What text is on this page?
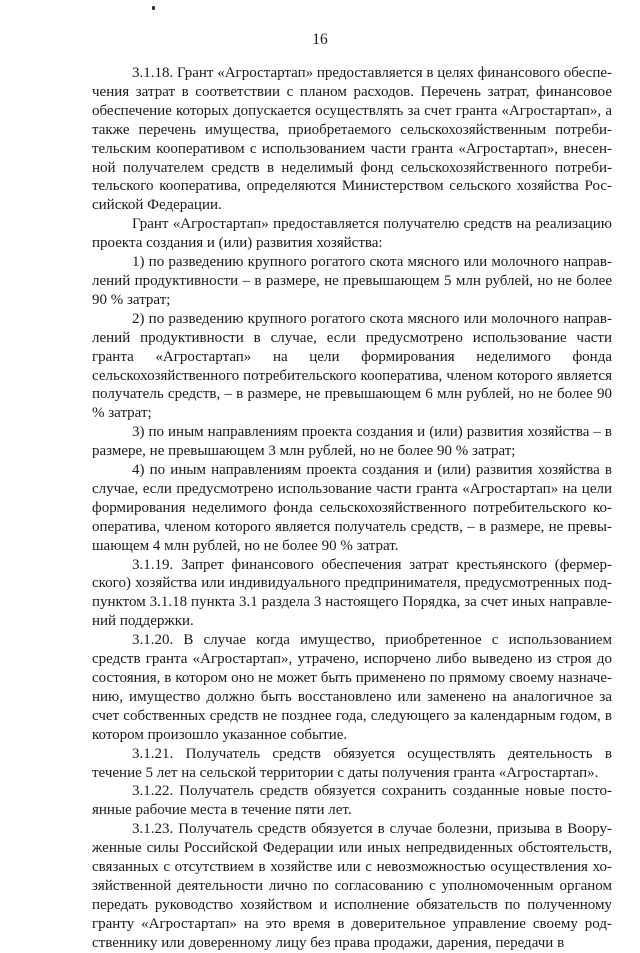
16

3.1.18. Грант «Агростартап» предоставляется в целях финансового обеспечения затрат в соответствии с планом расходов. Перечень затрат, финансовое обеспечение которых допускается осуществлять за счет гранта «Агростартап», а также перечень имущества, приобретаемого сельскохозяйственным потребительским кооперативом с использованием части гранта «Агростартап», внесенной получателем средств в неделимый фонд сельскохозяйственного потребительского кооператива, определяются Министерством сельского хозяйства Российской Федерации.

Грант «Агростартап» предоставляется получателю средств на реализацию проекта создания и (или) развития хозяйства:

1) по разведению крупного рогатого скота мясного или молочного направлений продуктивности – в размере, не превышающем 5 млн рублей, но не более 90 % затрат;

2) по разведению крупного рогатого скота мясного или молочного направлений продуктивности в случае, если предусмотрено использование части гранта «Агростартап» на цели формирования неделимого фонда сельскохозяйственного потребительского кооператива, членом которого является получатель средств, – в размере, не превышающем 6 млн рублей, но не более 90 % затрат;

3) по иным направлениям проекта создания и (или) развития хозяйства – в размере, не превышающем 3 млн рублей, но не более 90 % затрат;

4) по иным направлениям проекта создания и (или) развития хозяйства в случае, если предусмотрено использование части гранта «Агростартап» на цели формирования неделимого фонда сельскохозяйственного потребительского кооператива, членом которого является получатель средств, – в размере, не превышающем 4 млн рублей, но не более 90 % затрат.

3.1.19. Запрет финансового обеспечения затрат крестьянского (фермерского) хозяйства или индивидуального предпринимателя, предусмотренных подпунктом 3.1.18 пункта 3.1 раздела 3 настоящего Порядка, за счет иных направлений поддержки.

3.1.20. В случае когда имущество, приобретенное с использованием средств гранта «Агростартап», утрачено, испорчено либо выведено из строя до состояния, в котором оно не может быть применено по прямому своему назначению, имущество должно быть восстановлено или заменено на аналогичное за счет собственных средств не позднее года, следующего за календарным годом, в котором произошло указанное событие.

3.1.21. Получатель средств обязуется осуществлять деятельность в течение 5 лет на сельской территории с даты получения гранта «Агростартап».

3.1.22. Получатель средств обязуется сохранить созданные новые постоянные рабочие места в течение пяти лет.

3.1.23. Получатель средств обязуется в случае болезни, призыва в Вооруженные силы Российской Федерации или иных непредвиденных обстоятельств, связанных с отсутствием в хозяйстве или с невозможностью осуществления хозяйственной деятельности лично по согласованию с уполномоченным органом передать руководство хозяйством и исполнение обязательств по полученному гранту «Агростартап» на это время в доверительное управление своему родственнику или доверенному лицу без права продажи, дарения, передачи в
